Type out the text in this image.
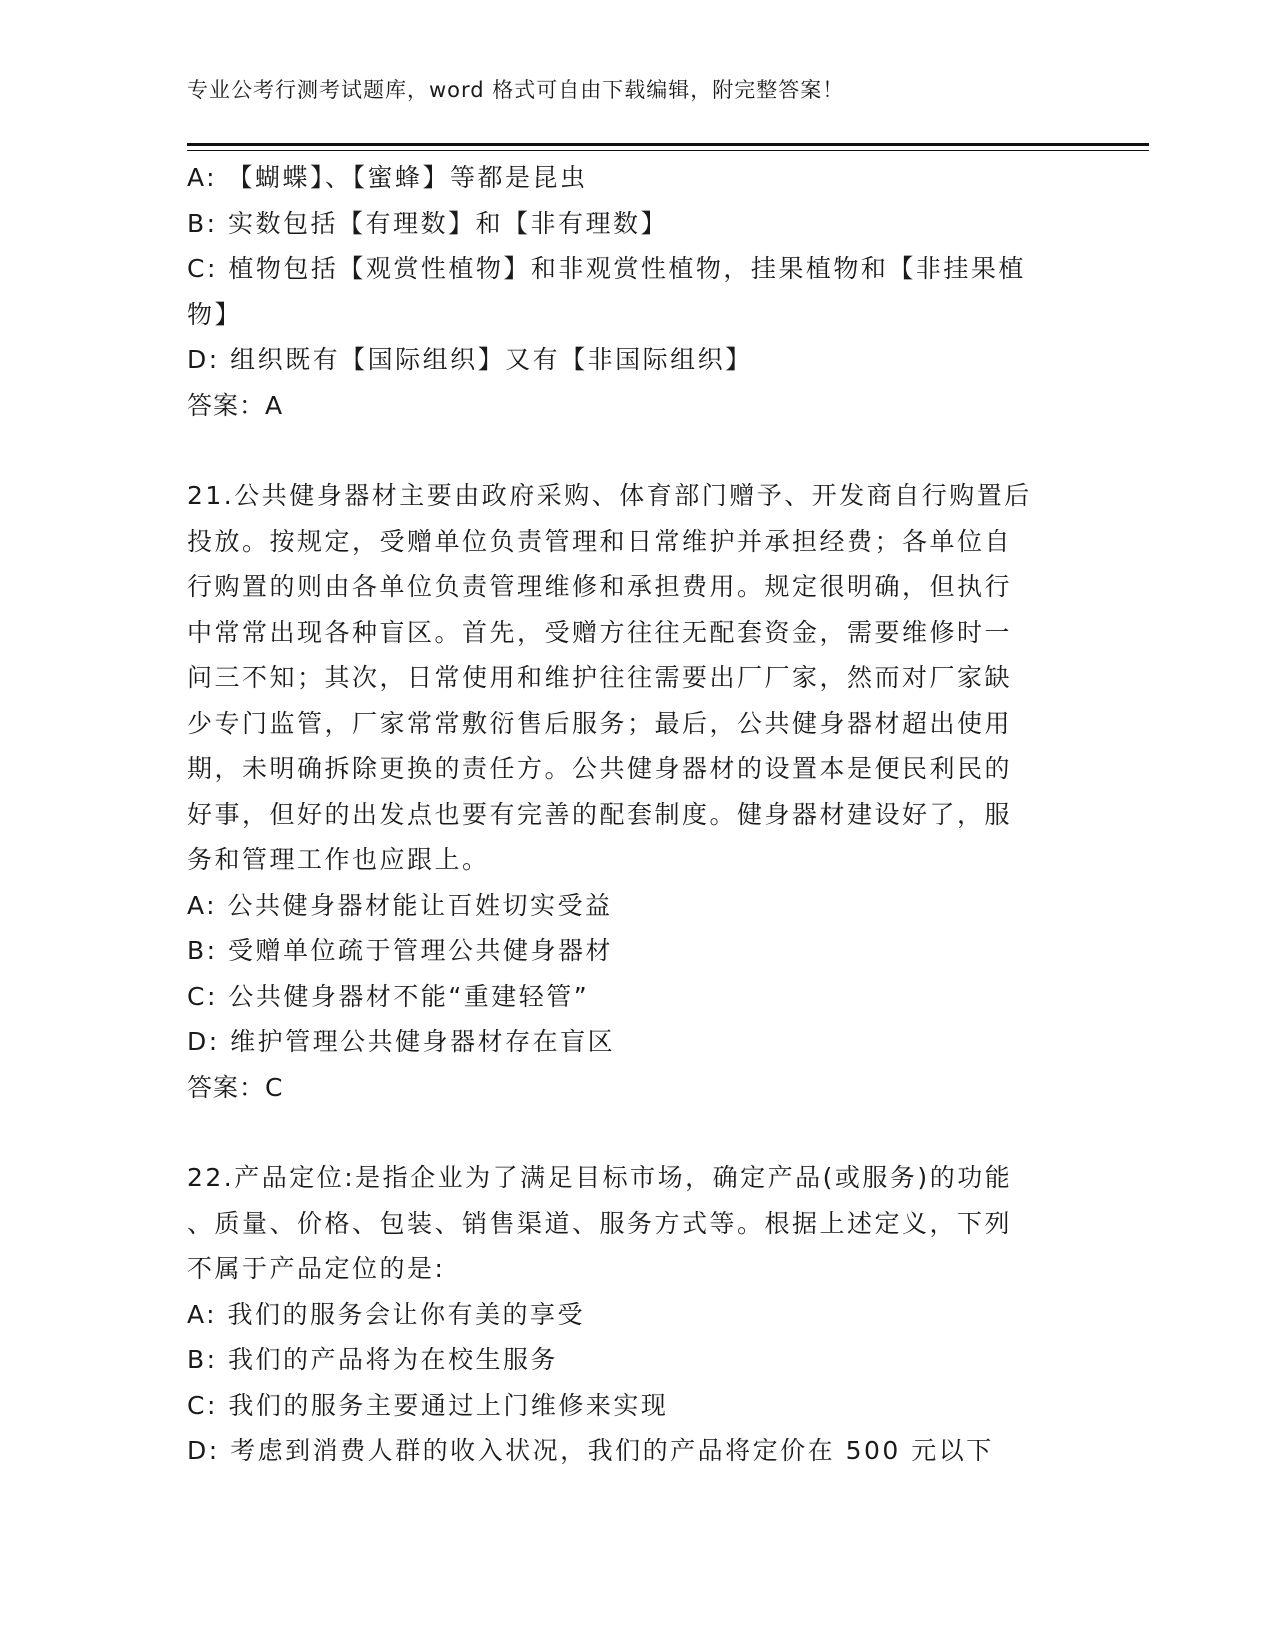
专业公考行测考试题库，word 格式可自由下载编辑，附完整答案！
A: 【蝴蝶】、【蜜蜂】等都是昆虫
B: 实数包括【有理数】和【非有理数】
C: 植物包括【观赏性植物】和非观赏性植物，挂果植物和【非挂果植
物】
D: 组织既有【国际组织】又有【非国际组织】
答案：A
21.公共健身器材主要由政府采购、体育部门赠予、开发商自行购置后
投放。按规定，受赠单位负责管理和日常维护并承担经费；各单位自
行购置的则由各单位负责管理维修和承担费用。规定很明确，但执行
中常常出现各种盲区。首先，受赠方往往无配套资金，需要维修时一
问三不知；其次，日常使用和维护往往需要出厂厂家，然而对厂家缺
少专门监管，厂家常常敷衍售后服务；最后，公共健身器材超出使用
期，未明确拆除更换的责任方。公共健身器材的设置本是便民利民的
好事，但好的出发点也要有完善的配套制度。健身器材建设好了，服
务和管理工作也应跟上。
A: 公共健身器材能让百姓切实受益
B: 受赠单位疏于管理公共健身器材
C: 公共健身器材不能“重建轻管”
D: 维护管理公共健身器材存在盲区
答案：C
22.产品定位:是指企业为了满足目标市场，确定产品(或服务)的功能
、质量、价格、包装、销售渠道、服务方式等。根据上述定义，下列
不属于产品定位的是:
A: 我们的服务会让你有美的享受
B: 我们的产品将为在校生服务
C: 我们的服务主要通过上门维修来实现
D: 考虑到消费人群的收入状况，我们的产品将定价在 500 元以下
